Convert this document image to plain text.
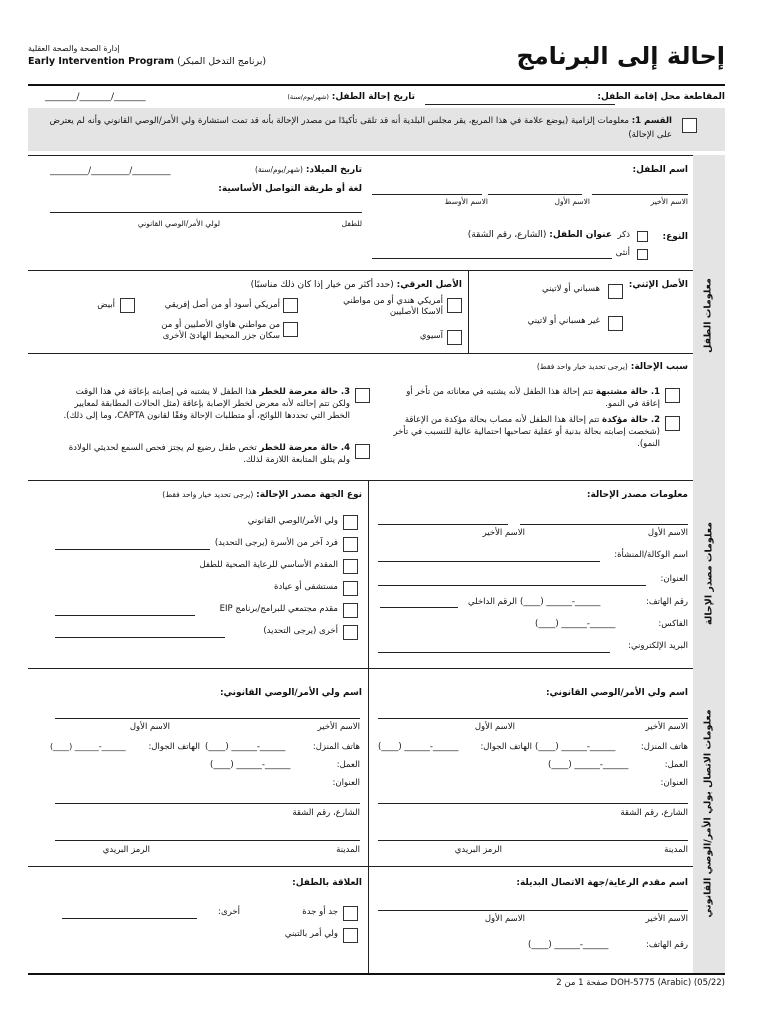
إدارة الصحة والصحة العقلية
Early Intervention Program (برنامج التدخل المبكر)	إحالة إلى البرنامج
المقاطعة محل إقامة الطفل:
تاريخ إحالة الطفل: (شهر/يوم/سنة)
_______/_______/_______
القسم 1: معلومات إلزامية (يوضع علامة في هذا المربع، يقر مجلس البلدية أنه قد تلقى تأكيدًا من مصدر الإحالة بأنه قد تمت استشارة ولي الأمر/الوصي القانوني وأنه لم يعترض على الإحالة)
معلومات الطفل
اسم الطفل:
الاسم الأخير
الاسم الأول
الاسم الأوسط
تاريخ الميلاد: (شهر/يوم/سنة)
_________/_________/_________
لغة أو طريقة التواصل الأساسية:
للطفل
لولي الأمر/الوصي القانوني
النوع:
ذكر
أنثى
عنوان الطفل: (الشارع، رقم الشقة)
الأصل الإثني:
هسباني أو لاتيني
غير هسباني أو لاتيني
الأصل العرقي: (حدد أكثر من خيار إذا كان ذلك مناسبًا)
أمريكي هندي أو من مواطني ألاسكا الأصليين
آسيوي
أمريكي أسود أو من أصل إفريقي
أبيض
من مواطني هاواي الأصليين أو من سكان جزر المحيط الهادئ الأخرى
سبب الإحالة: (يرجى تحديد خيار واحد فقط)
1. حالة مشتبهة تتم إحالة هذا الطفل لأنه يشتبه في معاناته من تأخر أو إعاقة في النمو.
2. حالة مؤكدة تتم إحالة هذا الطفل لأنه مصاب بحالة مؤكدة من الإعاقة (شخصت إصابته بحالة بدنية أو عقلية تصاحبها احتمالية عالية للتسبب في تأخر النمو).
3. حالة معرضة للخطر هذا الطفل لا يشتبه في إصابته بإعاقة في هذا الوقت ولكن تتم إحالته لأنه معرض لخطر الإصابة بإعاقة (مثل الحالات المطابقة لمعايير الخطر التي تحددها اللوائح، أو متطلبات الإحالة وفقًا لقانون CAPTA، وما إلى ذلك).
4. حالة معرضة للخطر تخص طفل رضيع لم يجتز فحص السمع لحديثي الولادة ولم يتلق المتابعة اللازمة لذلك.
معلومات مصدر الإحالة
معلومات مصدر الإحالة:
الاسم الأول
الاسم الأخير
اسم الوكالة/المنشأة:
العنوان:
رقم الهاتف:
(____) ______-______
الرقم الداخلي
الفاكس:
(____) ______-______
البريد الإلكتروني:
نوع الجهة مصدر الإحالة: (يرجى تحديد خيار واحد فقط)
ولي الأمر/الوصي القانوني
فرد آخر من الأسرة (يرجى التحديد)
المقدم الأساسي للرعاية الصحية للطفل
مستشفى أو عيادة
مقدم مجتمعي للبرامج/برنامج EIP
أخرى (يرجى التحديد)
معلومات الاتصال بولي الأمر/الوصي القانوني
اسم ولي الأمر/الوصي القانوني:
الاسم الأخير
الاسم الأول
هاتف المنزل:
(____) ______-______
الهاتف الجوال:
(____) ______-______
العمل:
(____) ______-______
العنوان:
الشارع، رقم الشقة
المدينة
الرمز البريدي
اسم ولي الأمر/الوصي القانوني:
الاسم الأخير
الاسم الأول
هاتف المنزل:
(____) ______-______
الهاتف الجوال:
(____) ______-______
العمل:
(____) ______-______
العنوان:
الشارع، رقم الشقة
المدينة
الرمز البريدي
اسم مقدم الرعاية/جهة الاتصال البديلة:
الاسم الأخير
الاسم الأول
رقم الهاتف:
(____) ______-______
العلاقة بالطفل:
جد أو جدة
ولي أمر بالتبني
أخرى:
DOH-5775 (Arabic) (05/22) صفحة 1 من 2
